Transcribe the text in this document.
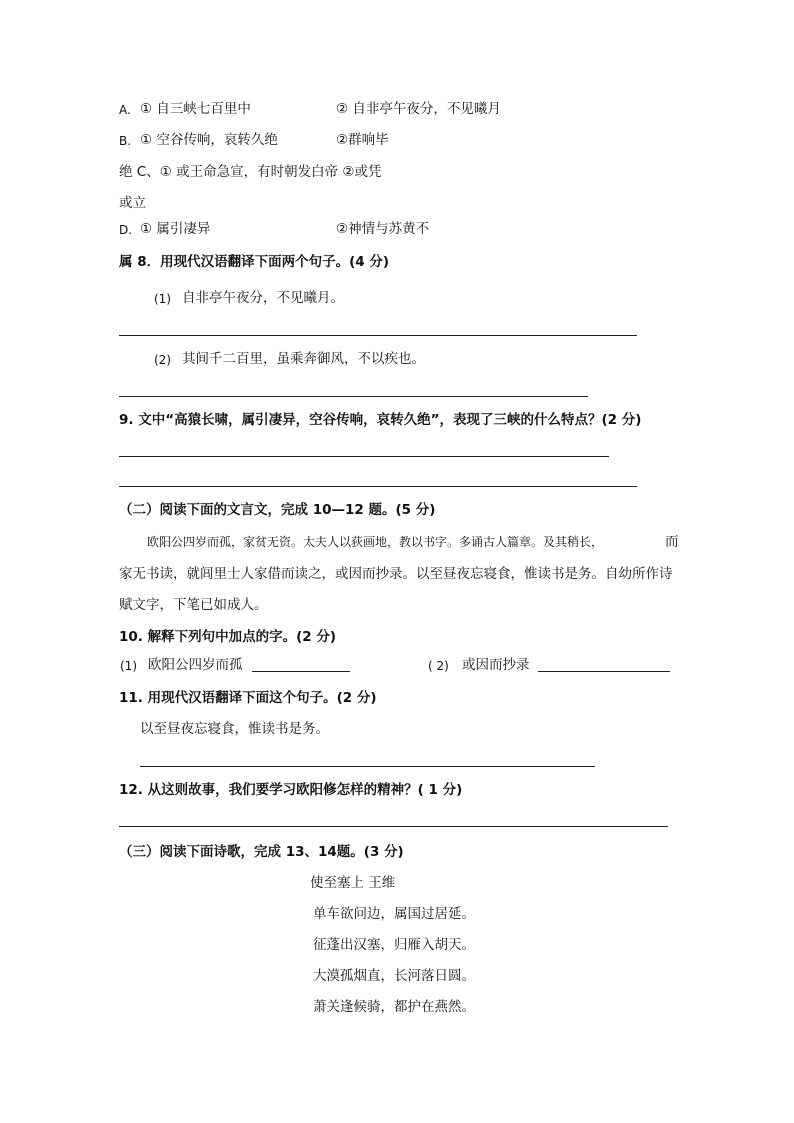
A. ① 自三峡七百里中	② 自非亭午夜分，不见曦月
B. ① 空谷传响，哀转久绝	②群响毕
绝 C、① 或王命急宣，有时朝发白帝 ②或凭
或立
D. ① 属引凄异	②神情与苏黄不
属 8．用现代汉语翻译下面两个句子。(4 分)
(1) 自非亭午夜分，不见曦月。
(2) 其间千二百里，虽乘奔御风，不以疾也。
9. 文中“高猿长啸，属引凄异，空谷传响，哀转久绝”，表现了三峡的什么特点？(2 分)
（二）阅读下面的文言文，完成 10—12 题。(5 分)
欧阳公四岁而孤，家贫无资。太夫人以荻画地，教以书字。多诵古人篇章。及其稍长，	而
家无书读，就闾里士人家借而读之，或因而抄录。以至昼夜忘寝食，惟读书是务。自幼所作诗
赋文字，下笔已如成人。
10. 解释下列句中加点的字。(2 分)
(1) 欧阳公四岁而孤	( 2) 或因而抄录
11. 用现代汉语翻译下面这个句子。(2 分)
以至昼夜忘寝食，惟读书是务。
12. 从这则故事，我们要学习欧阳修怎样的精神？( 1 分)
（三）阅读下面诗歌，完成 13、14题。(3 分)
使至塞上 王维
单车欲问边，属国过居延。
征蓬出汉塞，归雁入胡天。
大漠孤烟直，长河落日圆。
萧关逢候骑，都护在燕然。
